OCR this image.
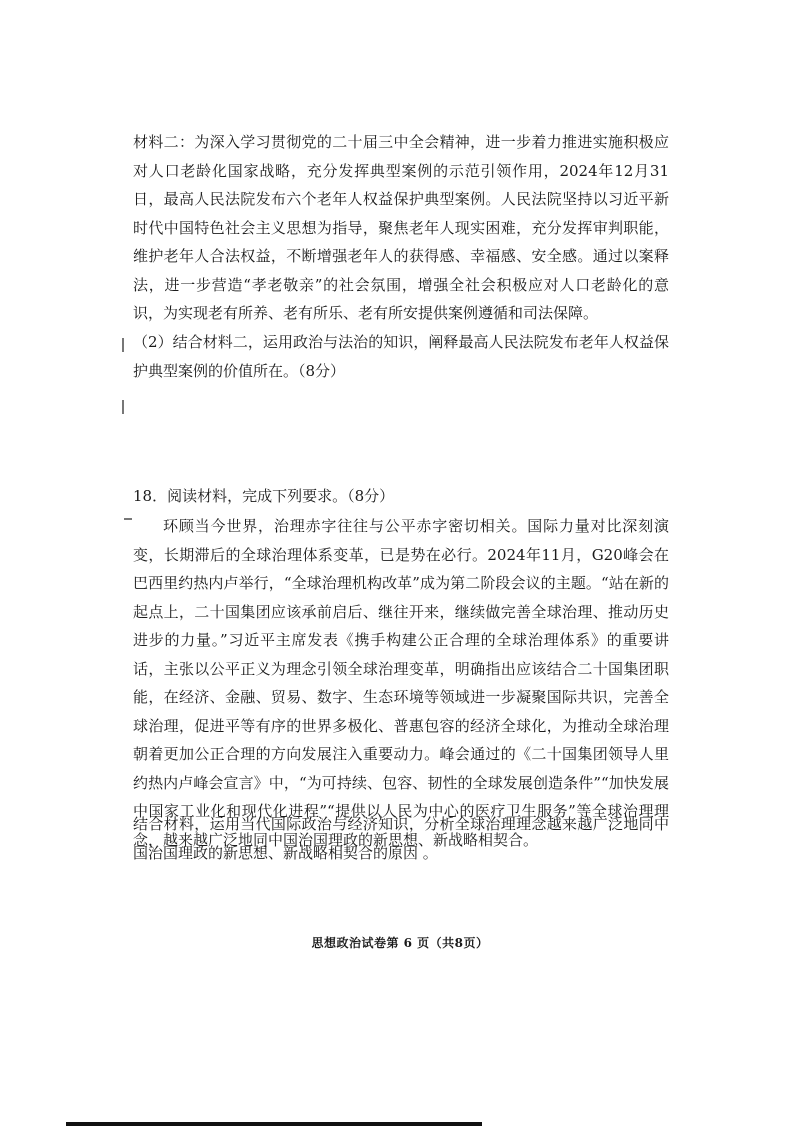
材料二：为深入学习贯彻党的二十届三中全会精神，进一步着力推进实施积极应对人口老龄化国家战略，充分发挥典型案例的示范引领作用，2024年12月31日，最高人民法院发布六个老年人权益保护典型案例。人民法院坚持以习近平新时代中国特色社会主义思想为指导，聚焦老年人现实困难，充分发挥审判职能，维护老年人合法权益，不断增强老年人的获得感、幸福感、安全感。通过以案释法，进一步营造“孝老敬亲”的社会氛围，增强全社会积极应对人口老龄化的意识，为实现老有所养、老有所乐、老有所安提供案例遵循和司法保障。

（2）结合材料二，运用政治与法治的知识，阐释最高人民法院发布老年人权益保护典型案例的价值所在。（8分）

18．阅读材料，完成下列要求。（8分）

环顾当今世界，治理赤字往往与公平赤字密切相关。国际力量对比深刻演变，长期滞后的全球治理体系变革，已是势在必行。2024年11月，G20峰会在巴西里约热内卢举行，“全球治理机构改革”成为第二阶段会议的主题。“站在新的起点上，二十国集团应该承前启后、继往开来，继续做完善全球治理、推动历史进步的力量。”习近平主席发表《携手构建公正合理的全球治理体系》的重要讲话，主张以公平正义为理念引领全球治理变革，明确指出应该结合二十国集团职能，在经济、金融、贸易、数字、生态环境等领域进一步凝聚国际共识，完善全球治理，促进平等有序的世界多极化、普惠包容的经济全球化，为推动全球治理朝着更加公正合理的方向发展注入重要动力。峰会通过的《二十国集团领导人里约热内卢峰会宣言》中，“为可持续、包容、韧性的全球发展创造条件”“加快发展中国家工业化和现代化进程”“提供以人民为中心的医疗卫生服务”等全球治理理念，越来越广泛地同中国治国理政的新思想、新战略相契合。

结合材料，运用当代国际政治与经济知识，分析全球治理理念越来越广泛地同中国治国理政的新思想、新战略相契合的原因 。

思想政治试卷第 6 页（共8页）
